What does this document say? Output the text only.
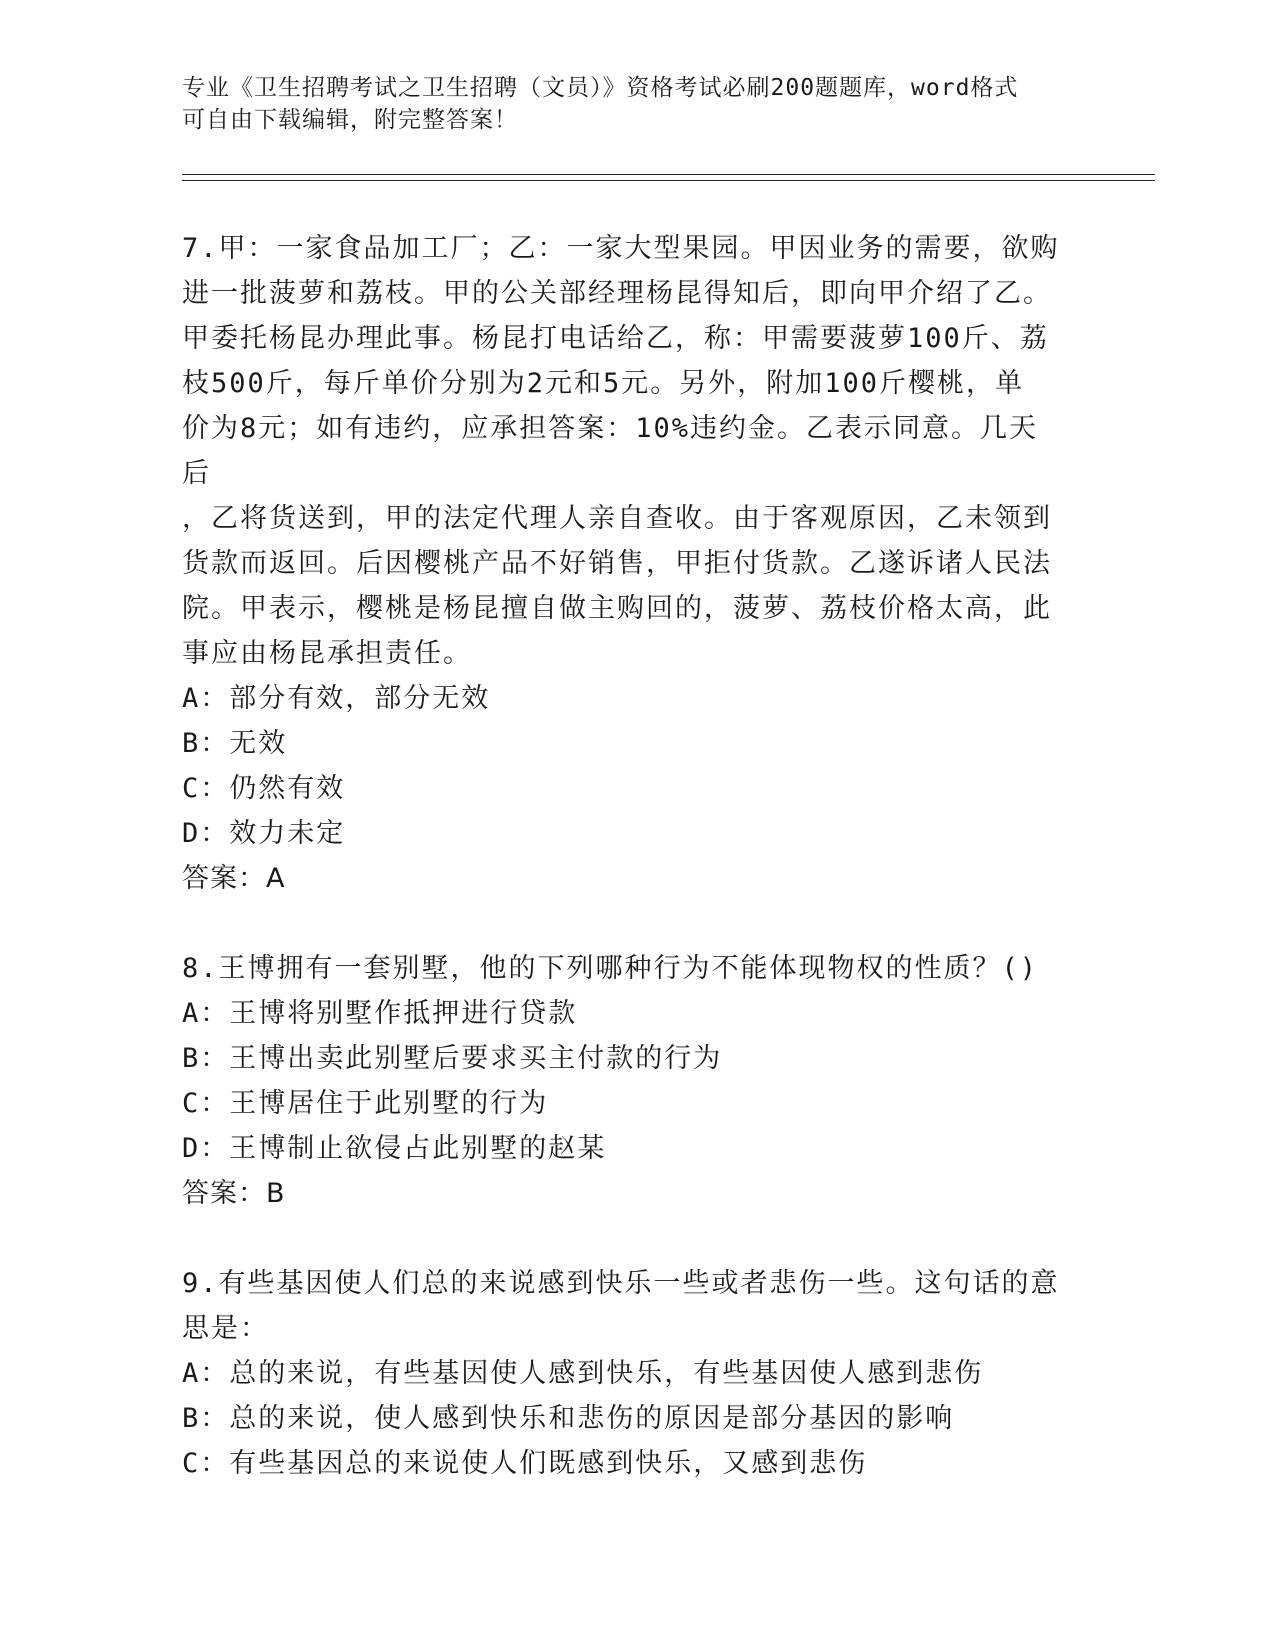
专业《卫生招聘考试之卫生招聘（文员）》资格考试必刷200题题库，word格式
可自由下载编辑，附完整答案！
7.甲：一家食品加工厂；乙：一家大型果园。甲因业务的需要，欲购
进一批菠萝和荔枝。甲的公关部经理杨昆得知后，即向甲介绍了乙。
甲委托杨昆办理此事。杨昆打电话给乙，称：甲需要菠萝100斤、荔
枝500斤，每斤单价分别为2元和5元。另外，附加100斤樱桃，单
价为8元；如有违约，应承担答案：10%违约金。乙表示同意。几天后
，乙将货送到，甲的法定代理人亲自查收。由于客观原因，乙未领到
货款而返回。后因樱桃产品不好销售，甲拒付货款。乙遂诉诸人民法
院。甲表示，樱桃是杨昆擅自做主购回的，菠萝、荔枝价格太高，此
事应由杨昆承担责任。
A：部分有效，部分无效
B：无效
C：仍然有效
D：效力未定
答案：A
8.王博拥有一套别墅，他的下列哪种行为不能体现物权的性质？()
A：王博将别墅作抵押进行贷款
B：王博出卖此别墅后要求买主付款的行为
C：王博居住于此别墅的行为
D：王博制止欲侵占此别墅的赵某
答案：B
9.有些基因使人们总的来说感到快乐一些或者悲伤一些。这句话的意
思是：
A：总的来说，有些基因使人感到快乐，有些基因使人感到悲伤
B：总的来说，使人感到快乐和悲伤的原因是部分基因的影响
C：有些基因总的来说使人们既感到快乐，又感到悲伤
